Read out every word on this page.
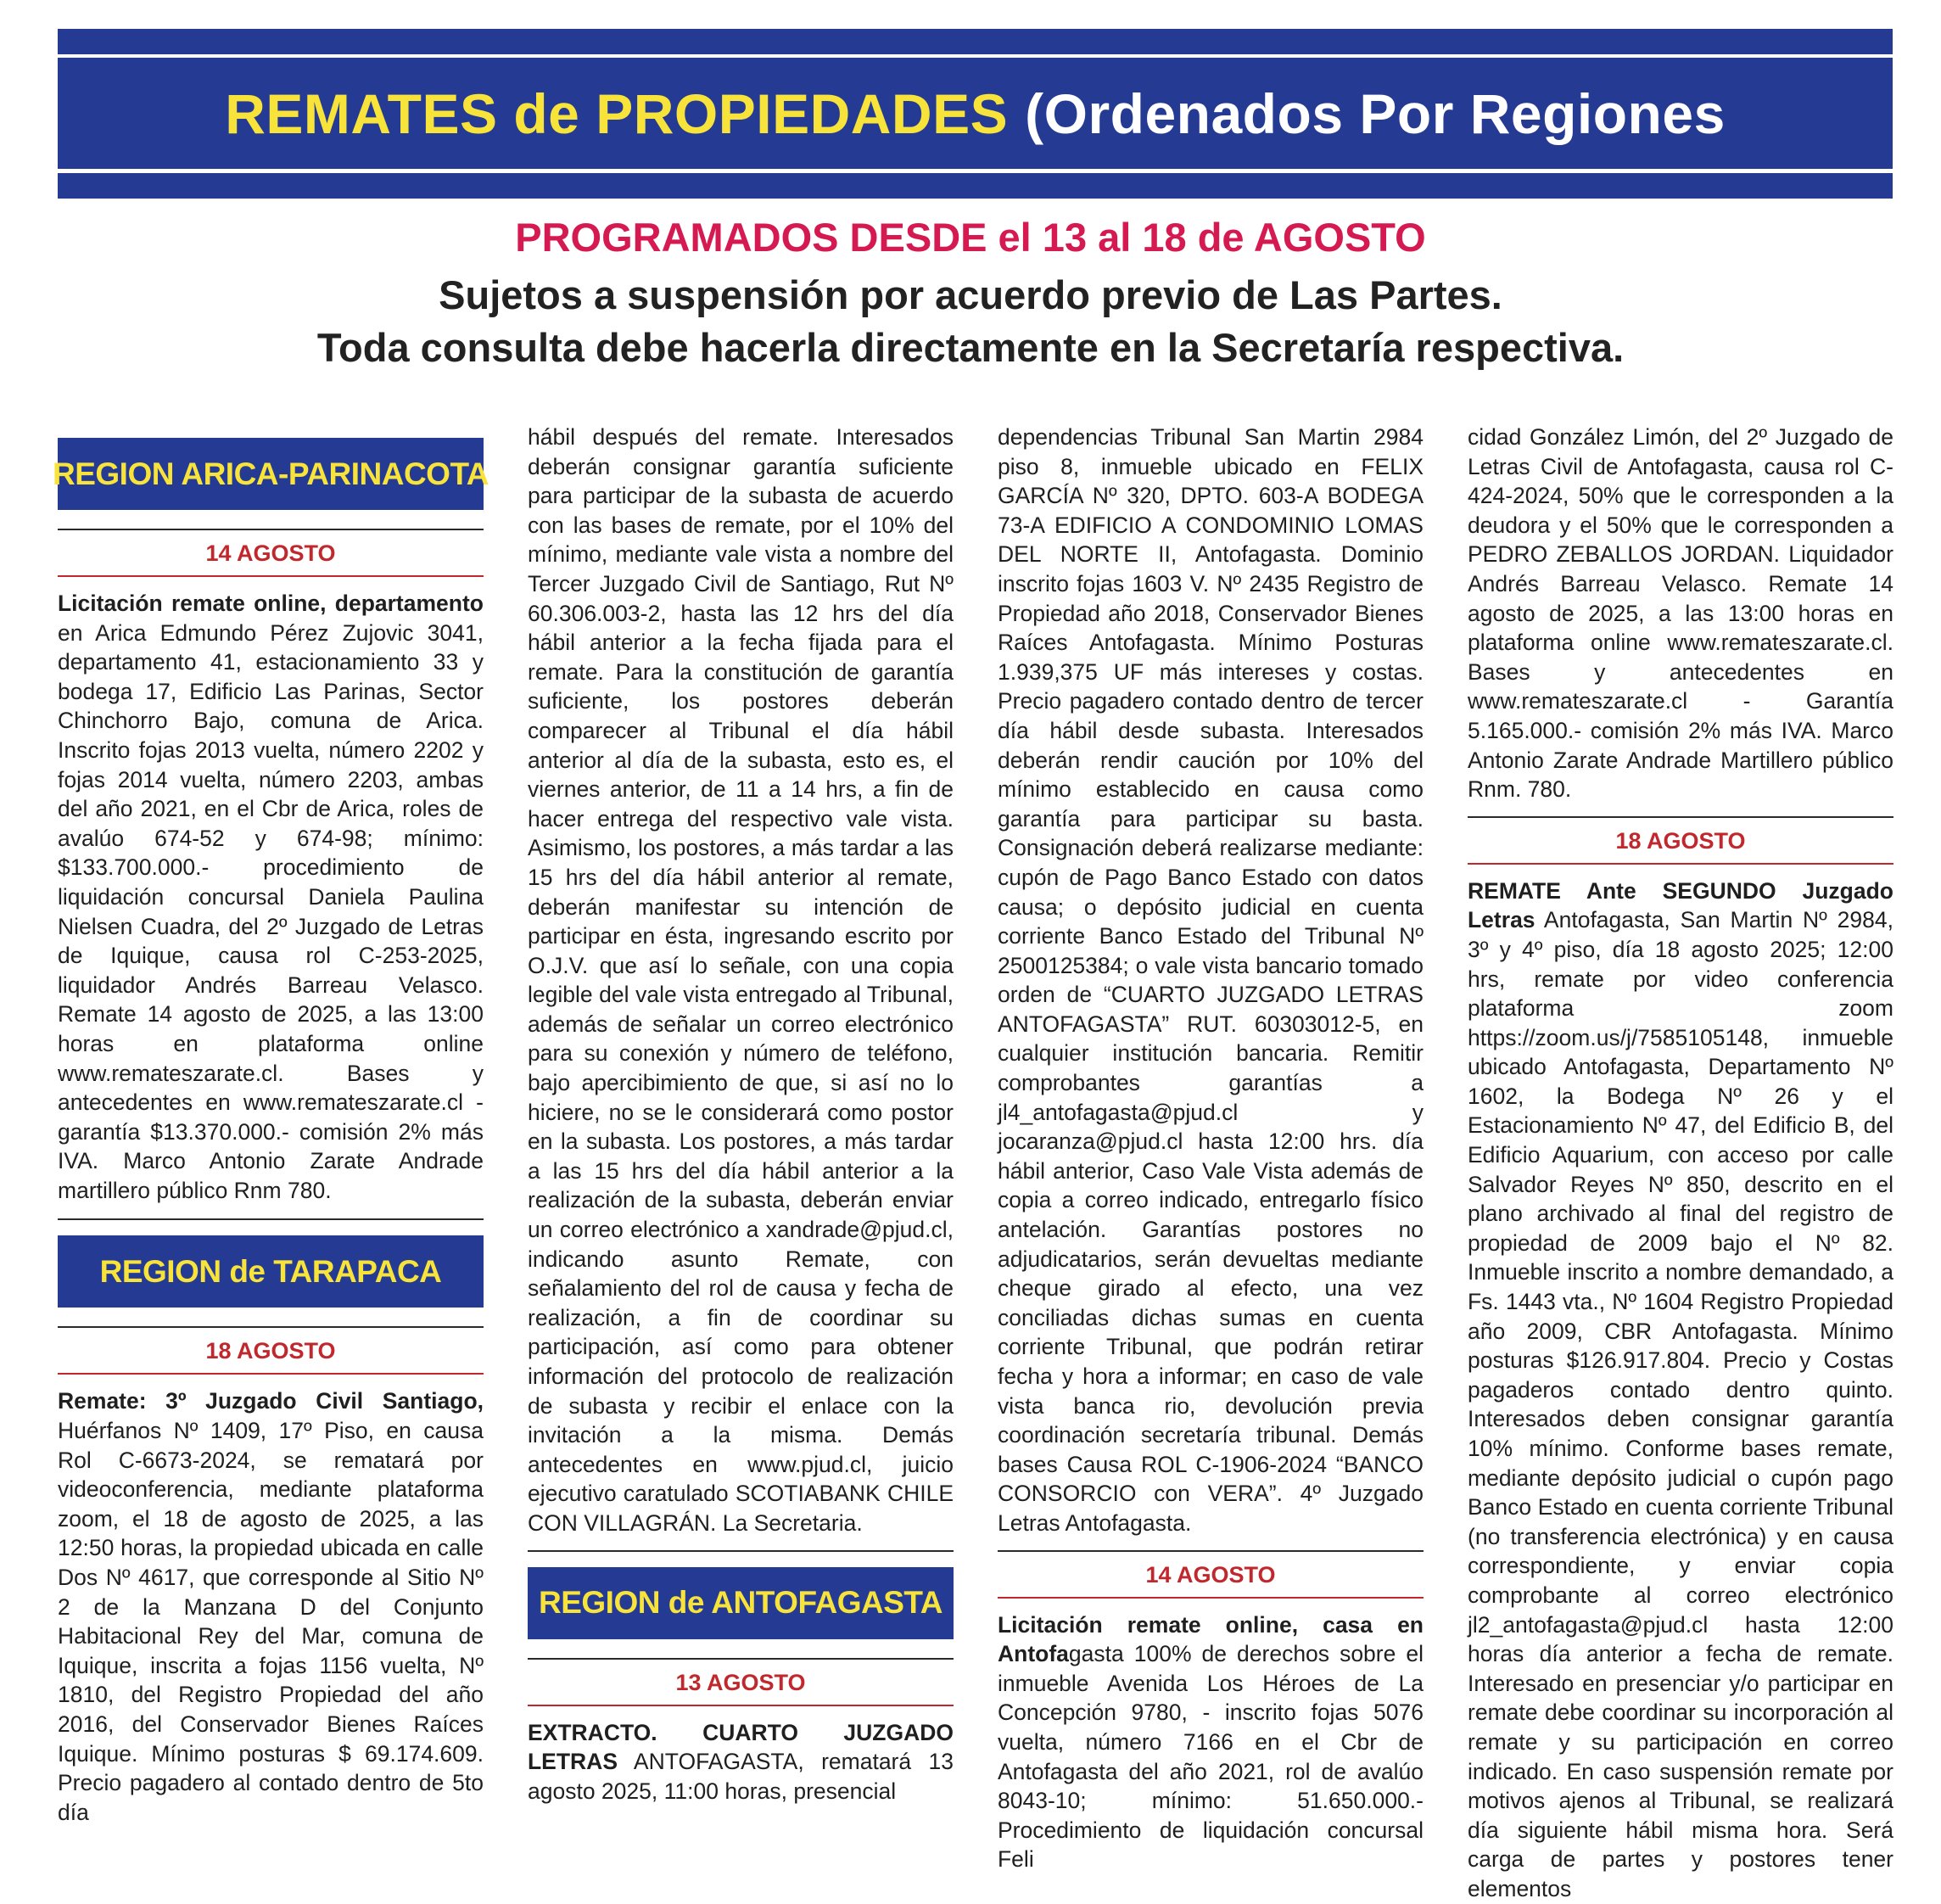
REMATES de PROPIEDADES (Ordenados Por Regiones
PROGRAMADOS DESDE el 13 al 18 de AGOSTO
Sujetos a suspensión por acuerdo previo de Las Partes.
Toda consulta debe hacerla directamente en la Secretaría respectiva.
REGION ARICA-PARINACOTA
14 AGOSTO

Licitación remate online, departamento en Arica Edmundo Pérez Zujovic 3041, departamento 41, estacionamiento 33 y bodega 17, Edificio Las Parinas, Sector Chinchorro Bajo, comuna de Arica. Inscrito fojas 2013 vuelta, número 2202 y fojas 2014 vuelta, número 2203, ambas del año 2021, en el Cbr de Arica, roles de avalúo 674-52 y 674-98; mínimo: $133.700.000.- procedimiento de liquidación concursal Daniela Paulina Nielsen Cuadra, del 2º Juzgado de Letras de Iquique, causa rol C-253-2025, liquidador Andrés Barreau Velasco. Remate 14 agosto de 2025, a las 13:00 horas en plataforma online www.remateszarate.cl. Bases y antecedentes en www.remateszarate.cl - garantía $13.370.000.- comisión 2% más IVA. Marco Antonio Zarate Andrade martillero público Rnm 780.

REGION de TARAPACA
18 AGOSTO

Remate: 3º Juzgado Civil Santiago, Huérfanos Nº 1409, 17º Piso, en causa Rol C-6673-2024, se rematará por videoconferencia, mediante plataforma zoom, el 18 de agosto de 2025, a las 12:50 horas, la propiedad ubicada en calle Dos Nº 4617, que corresponde al Sitio Nº 2 de la Manzana D del Conjunto Habitacional Rey del Mar, comuna de Iquique, inscrita a fojas 1156 vuelta, Nº 1810, del Registro Propiedad del año 2016, del Conservador Bienes Raíces Iquique. Mínimo posturas $ 69.174.609. Precio pagadero al contado dentro de 5to día

hábil después del remate. Interesados deberán consignar garantía suficiente para participar de la subasta de acuerdo con las bases de remate, por el 10% del mínimo, mediante vale vista a nombre del Tercer Juzgado Civil de Santiago, Rut Nº 60.306.003-2, hasta las 12 hrs del día hábil anterior a la fecha fijada para el remate. Para la constitución de garantía suficiente, los postores deberán comparecer al Tribunal el día hábil anterior al día de la subasta, esto es, el viernes anterior, de 11 a 14 hrs, a fin de hacer entrega del respectivo vale vista. Asimismo, los postores, a más tardar a las 15 hrs del día hábil anterior al remate, deberán manifestar su intención de participar en ésta, ingresando escrito por O.J.V. que así lo señale, con una copia legible del vale vista entregado al Tribunal, además de señalar un correo electrónico para su conexión y número de teléfono, bajo apercibimiento de que, si así no lo hiciere, no se le considerará como postor en la subasta. Los postores, a más tardar a las 15 hrs del día hábil anterior a la realización de la subasta, deberán enviar un correo electrónico a xandrade@pjud.cl, indicando asunto Remate, con señalamiento del rol de causa y fecha de realización, a fin de coordinar su participación, así como para obtener información del protocolo de realización de subasta y recibir el enlace con la invitación a la misma. Demás antecedentes en www.pjud.cl, juicio ejecutivo caratulado SCOTIABANK CHILE CON VILLAGRÁN. La Secretaria.

REGION de ANTOFAGASTA
13 AGOSTO

EXTRACTO. CUARTO JUZGADO LETRAS ANTOFAGASTA, rematará 13 agosto 2025, 11:00 horas, presencial

dependencias Tribunal San Martin 2984 piso 8, inmueble ubicado en FELIX GARCÍA Nº 320, DPTO. 603-A BODEGA 73-A EDIFICIO A CONDOMINIO LOMAS DEL NORTE II, Antofagasta. Dominio inscrito fojas 1603 V. Nº 2435 Registro de Propiedad año 2018, Conservador Bienes Raíces Antofagasta. Mínimo Posturas 1.939,375 UF más intereses y costas. Precio pagadero contado dentro de tercer día hábil desde subasta. Interesados deberán rendir caución por 10% del mínimo establecido en causa como garantía para participar su basta. Consignación deberá realizarse mediante: cupón de Pago Banco Estado con datos causa; o depósito judicial en cuenta corriente Banco Estado del Tribunal Nº 2500125384; o vale vista bancario tomado orden de “CUARTO JUZGADO LETRAS ANTOFAGASTA” RUT. 60303012-5, en cualquier institución bancaria. Remitir comprobantes garantías a jl4_antofagasta@pjud.cl y jocaranza@pjud.cl hasta 12:00 hrs. día hábil anterior, Caso Vale Vista además de copia a correo indicado, entregarlo físico antelación. Garantías postores no adjudicatarios, serán devueltas mediante cheque girado al efecto, una vez conciliadas dichas sumas en cuenta corriente Tribunal, que podrán retirar fecha y hora a informar; en caso de vale vista banca rio, devolución previa coordinación secretaría tribunal. Demás bases Causa ROL C-1906-2024 “BANCO CONSORCIO con VERA”. 4º Juzgado Letras Antofagasta.

14 AGOSTO

Licitación remate online, casa en Antofagasta 100% de derechos sobre el inmueble Avenida Los Héroes de La Concepción 9780, - inscrito fojas 5076 vuelta, número 7166 en el Cbr de Antofagasta del año 2021, rol de avalúo 8043-10; mínimo: 51.650.000.- Procedimiento de liquidación concursal Feli

cidad González Limón, del 2º Juzgado de Letras Civil de Antofagasta, causa rol C-424-2024, 50% que le corresponden a la deudora y el 50% que le corresponden a PEDRO ZEBALLOS JORDAN. Liquidador Andrés Barreau Velasco. Remate 14 agosto de 2025, a las 13:00 horas en plataforma online www.remateszarate.cl. Bases y antecedentes en www.remateszarate.cl - Garantía 5.165.000.- comisión 2% más IVA. Marco Antonio Zarate Andrade Martillero público Rnm. 780.

18 AGOSTO

REMATE Ante SEGUNDO Juzgado Letras Antofagasta, San Martin Nº 2984, 3º y 4º piso, día 18 agosto 2025; 12:00 hrs, remate por video conferencia plataforma zoom https://zoom.us/j/7585105148, inmueble ubicado Antofagasta, Departamento Nº 1602, la Bodega Nº 26 y el Estacionamiento Nº 47, del Edificio B, del Edificio Aquarium, con acceso por calle Salvador Reyes Nº 850, descrito en el plano archivado al final del registro de propiedad de 2009 bajo el Nº 82. Inmueble inscrito a nombre demandado, a Fs. 1443 vta., Nº 1604 Registro Propiedad año 2009, CBR Antofagasta. Mínimo posturas $126.917.804. Precio y Costas pagaderos contado dentro quinto. Interesados deben consignar garantía 10% mínimo. Conforme bases remate, mediante depósito judicial o cupón pago Banco Estado en cuenta corriente Tribunal (no transferencia electrónica) y en causa correspondiente, y enviar copia comprobante al correo electrónico jl2_antofagasta@pjud.cl hasta 12:00 horas día anterior a fecha de remate. Interesado en presenciar y/o participar en remate debe coordinar su incorporación al remate y su participación en correo indicado. En caso suspensión remate por motivos ajenos al Tribunal, se realizará día siguiente hábil misma hora. Será carga de partes y postores tener elementos
